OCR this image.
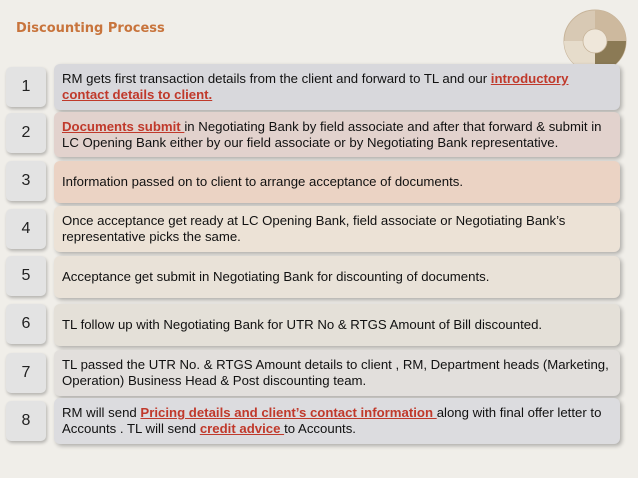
Discounting Process
1	RM gets first transaction details from the client and forward to TL and our introductory contact details to client.
2	Documents submit in Negotiating Bank by field associate and after that forward & submit in LC Opening Bank either by our field associate or by Negotiating Bank representative.
3	Information passed on to client to arrange acceptance of documents.
4	Once acceptance get ready at LC Opening Bank, field associate or Negotiating Bank’s representative picks the same.
5	Acceptance get submit in Negotiating Bank for discounting of documents.
6	TL follow up with Negotiating Bank for UTR No & RTGS Amount of Bill discounted.
7	TL passed the UTR No. & RTGS Amount details to client , RM, Department heads (Marketing, Operation) Business Head & Post discounting team.
8	RM will send Pricing details and client’s contact information along with final offer letter to Accounts . TL will send credit advice to Accounts.
